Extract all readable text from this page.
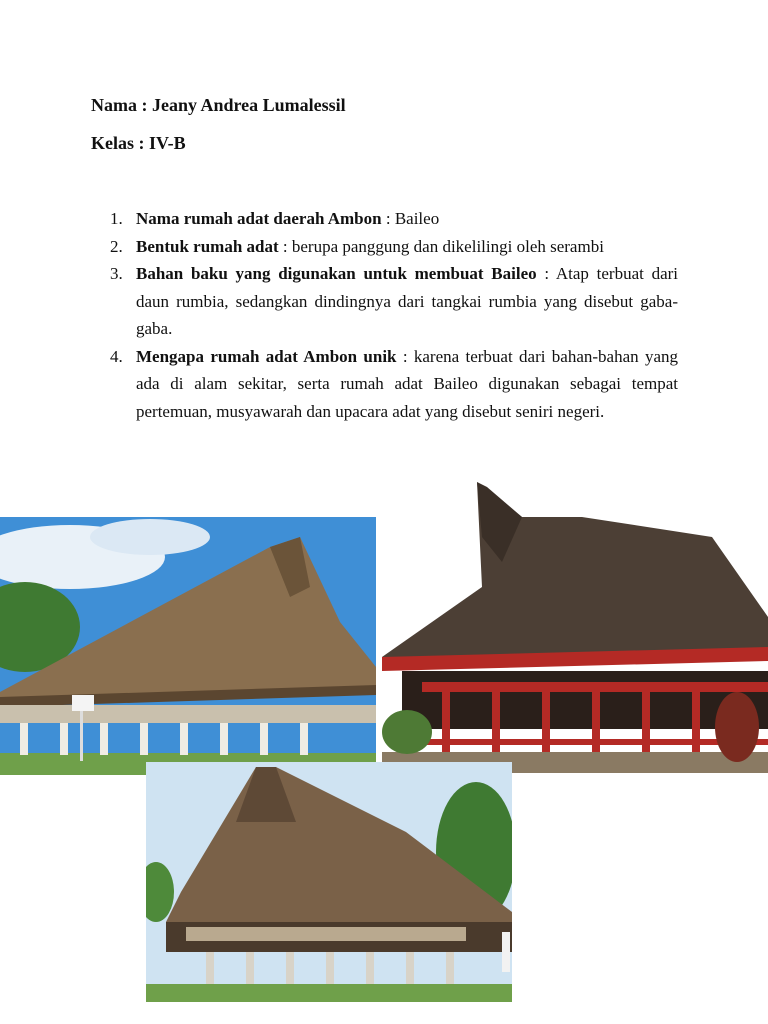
Nama : Jeany Andrea Lumalessil
Kelas : IV-B
1. Nama rumah adat daerah Ambon : Baileo
2. Bentuk rumah adat : berupa panggung dan dikelilingi oleh serambi
3. Bahan baku yang digunakan untuk membuat Baileo : Atap terbuat dari daun rumbia, sedangkan dindingnya dari tangkai rumbia yang disebut gaba-gaba.
4. Mengapa rumah adat Ambon unik : karena terbuat dari bahan-bahan yang ada di alam sekitar, serta rumah adat Baileo digunakan sebagai tempat pertemuan, musyawarah dan upacara adat yang disebut seniri negeri.
